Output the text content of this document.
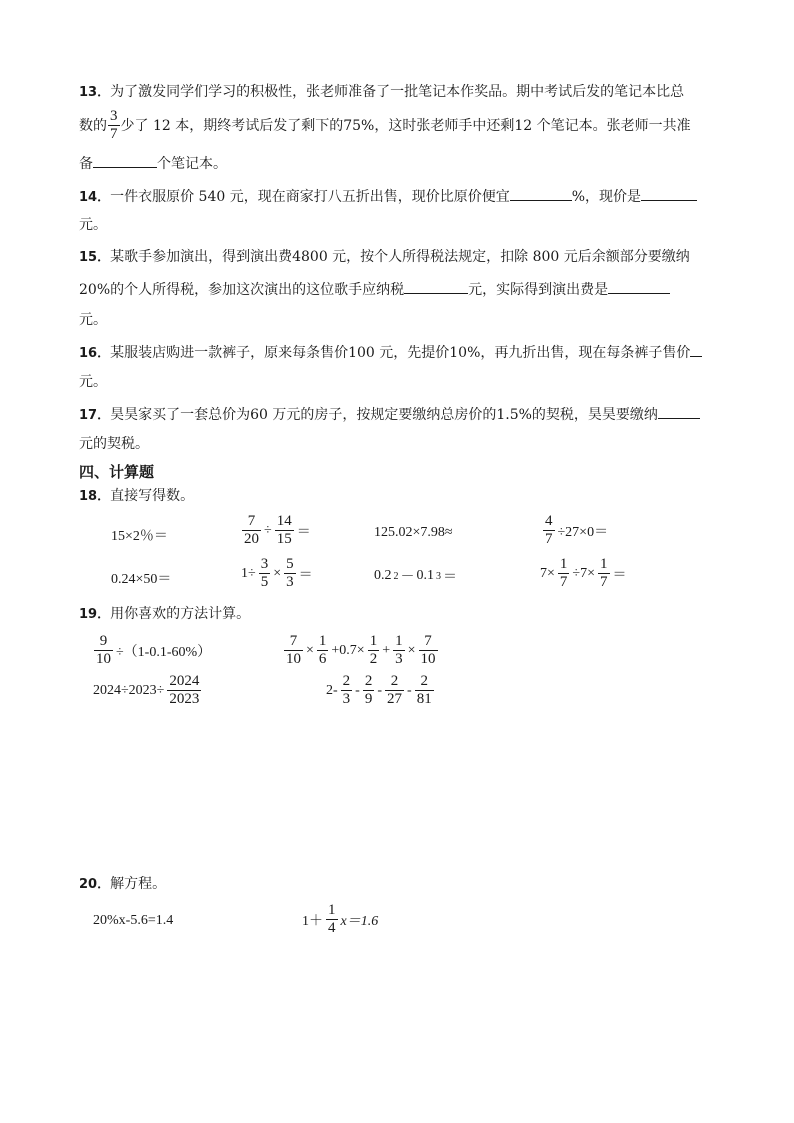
13．为了激发同学们学习的积极性，张老师准备了一批笔记本作奖品。期中考试后发的笔记本比总
数的 $\frac{3}{7}$ 少了 12 本，期终考试后发了剩下的75%，这时张老师手中还剩12 个笔记本。张老师一共准
备	个笔记本。
14．一件衣服原价 540 元，现在商家打八五折出售，现价比原价便宜	%，现价是
元。
15．某歌手参加演出，得到演出费4800 元，按个人所得税法规定，扣除 800 元后余额部分要缴纳
20%的个人所得税，参加这次演出的这位歌手应纳税	元，实际得到演出费是
元。
16．某服装店购进一款裤子，原来每条售价100 元，先提价10%，再九折出售，现在每条裤子售价
元。
17．昊昊家买了一套总价为60 万元的房子，按规定要缴纳总房价的1.5%的契税，昊昊要缴纳
元的契税。
四、计算题
18．直接写得数。
15×2％＝	$\frac{7}{20} \div \frac{14}{15}$ ＝	125.02×7.98≈	$\frac{4}{7} \div 27\times 0=$
0.24×50＝	$1\div \frac{3}{5} \times \frac{5}{3}$ ＝	0.2 2 － 0.1 3 ＝	$7\times \frac{1}{7} \div 7\times \frac{1}{7}$ ＝
19．用你喜欢的方法计算。
$\frac{9}{10} \div(1-0.1-60\%)$	$\frac{7}{10} \times \frac{1}{6} +0.7\times \frac{1}{2} + \frac{1}{3} \times \frac{7}{10}$
$2024\div 2023\div \frac{2024}{2023}$	$2- \frac{2}{3} - \frac{2}{9} - \frac{2}{27} - \frac{2}{81}$
20．解方程。
20%x-5.6=1.4	$1+ \frac{1}{4} x=1.6$
